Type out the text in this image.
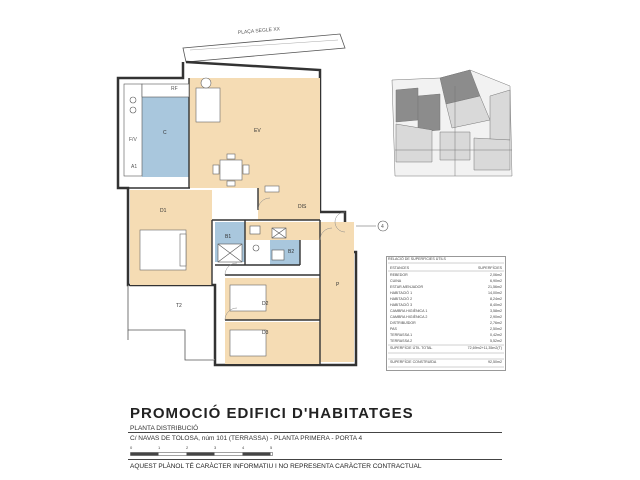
PLAÇA SEGLE XX
4
C	EV
D1
B1
B2
DIS
P
D2
D3
T2
F/V
A1
RF
RELACIÓ DE SUPERFÍCIES ÚTILS
ESTANCES	SUPERFÍCIES
REBEDOR	2,06m2
CUINA	6,90m2
ESTAR-MENJADOR	21,56m2
HABITACIÓ 1	14,00m2
HABITACIÓ 2	8,24m2
HABITACIÓ 3	8,40m2
CAMBRA HIGIÈNICA 1	3,58m2
CAMBRA HIGIÈNICA 2	2,90m2
DISTRIBUÏDOR	2,76m2
PAS	2,50m2
TERRASSA 1	0,42m2
TERRASSA 2	5,52m2
SUPERFÍCIE ÚTIL TOTAL	72,69m2+11,35m2(T)
SUPERFÍCIE CONSTRUÏDA	92,50m2
PROMOCIÓ EDIFICI D'HABITATGES
PLANTA DISTRIBUCIÓ
C/ NAVAS DE TOLOSA, núm 101 (TERRASSA) - PLANTA PRIMERA - PORTA 4
0	1	2	3	4	5
AQUEST PLÀNOL TÉ CARÀCTER INFORMATIU I NO REPRESENTA CARÀCTER CONTRACTUAL
